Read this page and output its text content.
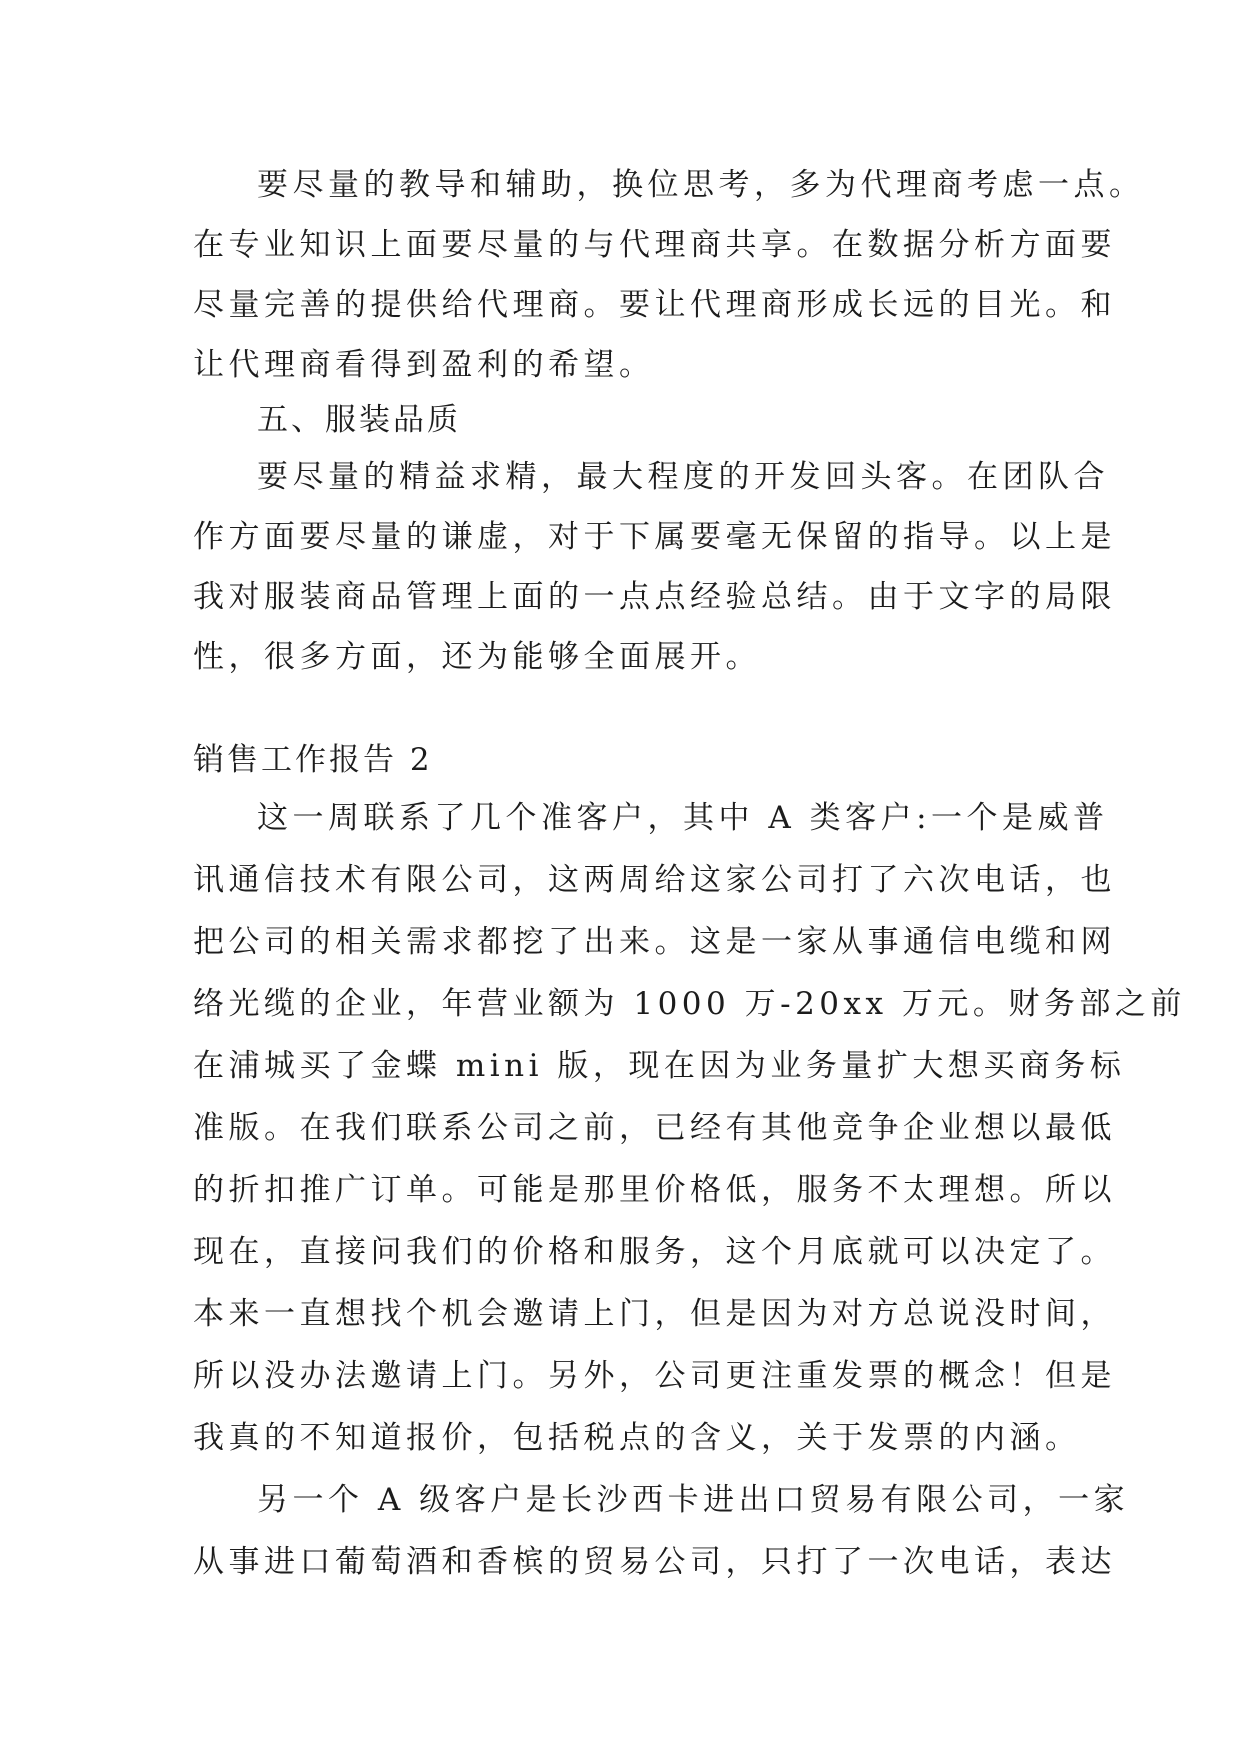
要尽量的教导和辅助，换位思考，多为代理商考虑一点。
在专业知识上面要尽量的与代理商共享。在数据分析方面要
尽量完善的提供给代理商。要让代理商形成长远的目光。和
让代理商看得到盈利的希望。
五、服装品质
要尽量的精益求精，最大程度的开发回头客。在团队合
作方面要尽量的谦虚，对于下属要毫无保留的指导。以上是
我对服装商品管理上面的一点点经验总结。由于文字的局限
性，很多方面，还为能够全面展开。
销售工作报告 2
这一周联系了几个准客户，其中 A 类客户:一个是威普
讯通信技术有限公司，这两周给这家公司打了六次电话，也
把公司的相关需求都挖了出来。这是一家从事通信电缆和网
络光缆的企业，年营业额为 1000 万-20xx 万元。财务部之前
在浦城买了金蝶 mini 版，现在因为业务量扩大想买商务标
准版。在我们联系公司之前，已经有其他竞争企业想以最低
的折扣推广订单。可能是那里价格低，服务不太理想。所以
现在，直接问我们的价格和服务，这个月底就可以决定了。
本来一直想找个机会邀请上门，但是因为对方总说没时间，
所以没办法邀请上门。另外，公司更注重发票的概念！但是
我真的不知道报价，包括税点的含义，关于发票的内涵。
另一个 A 级客户是长沙西卡进出口贸易有限公司，一家
从事进口葡萄酒和香槟的贸易公司，只打了一次电话，表达
